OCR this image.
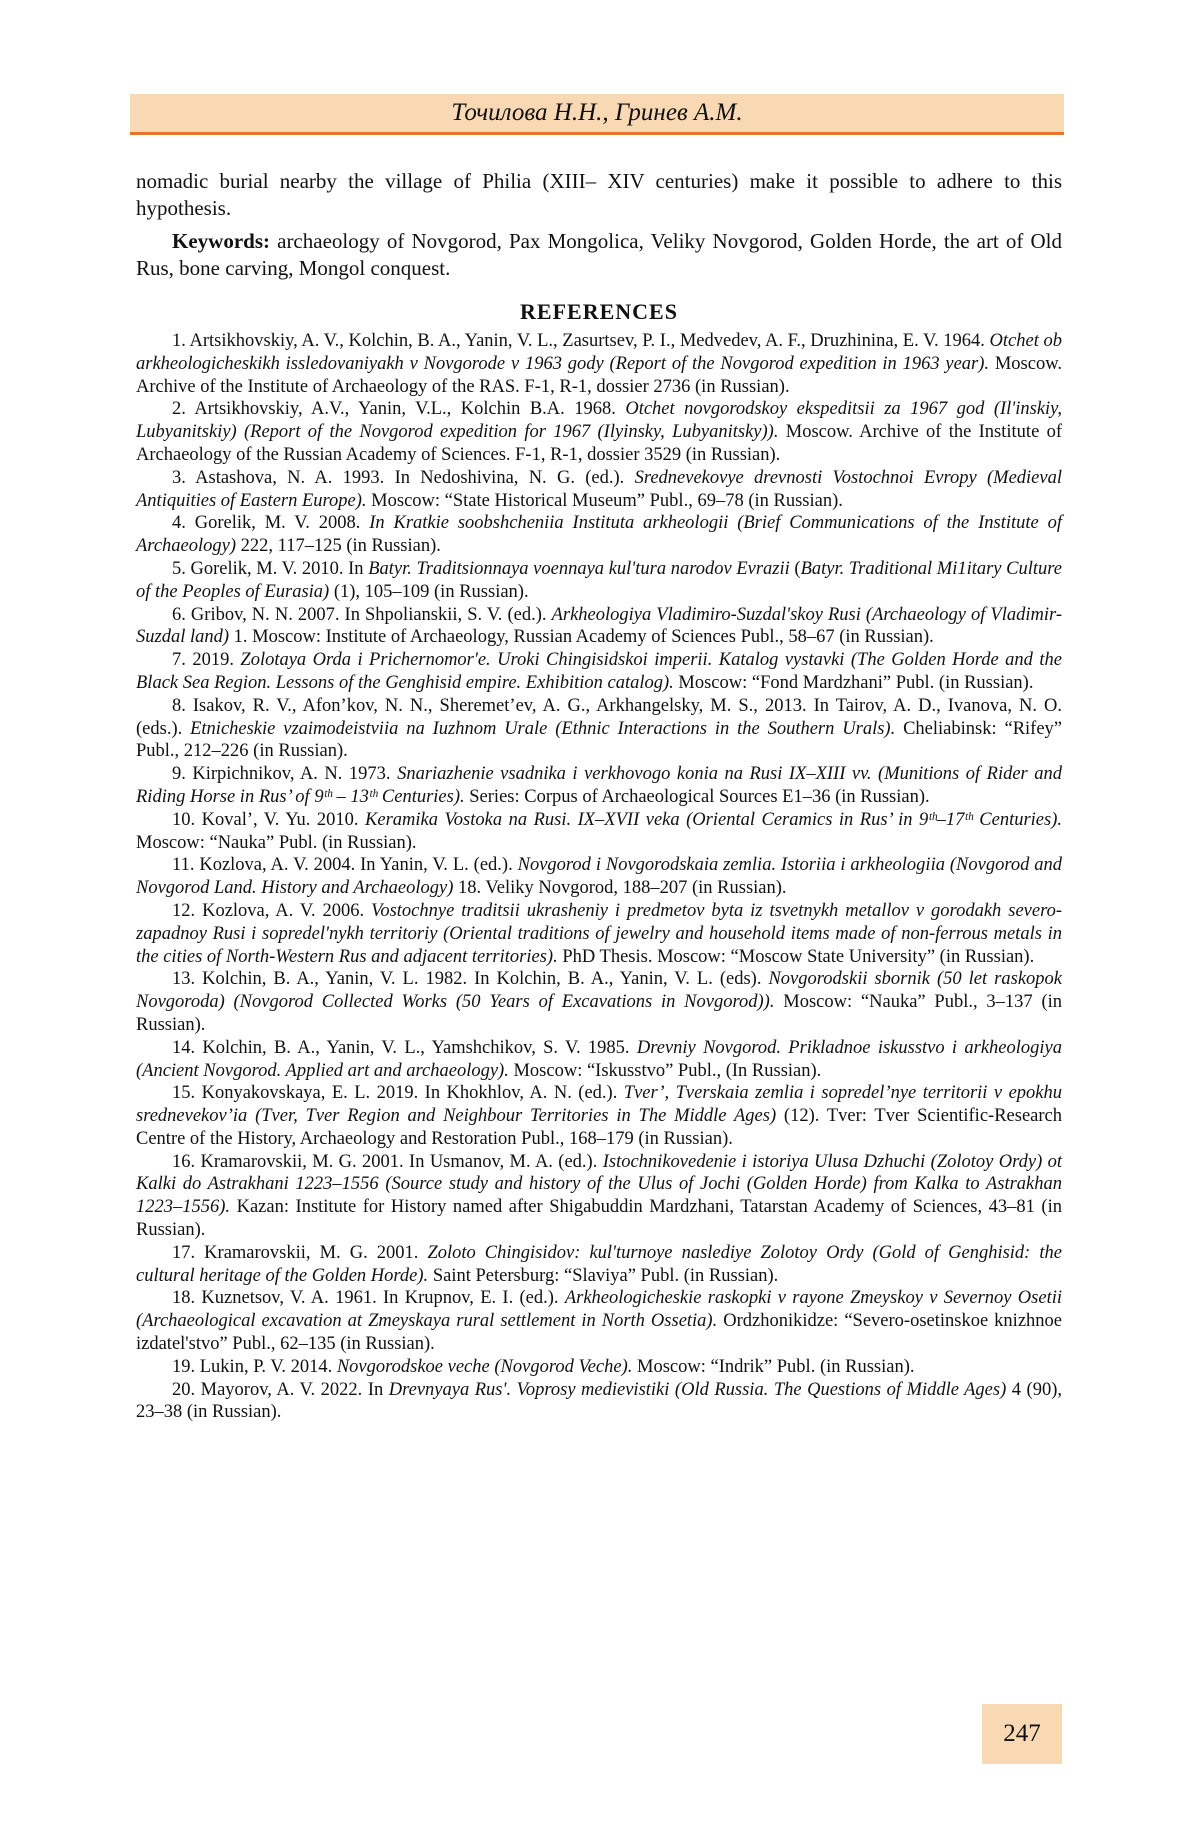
Точилова Н.Н., Гринев А.М.

nomadic burial nearby the village of Philia (XIII– XIV centuries) make it possible to adhere to this hypothesis.

Keywords: archaeology of Novgorod, Pax Mongolica, Veliky Novgorod, Golden Horde, the art of Old Rus, bone carving, Mongol conquest.

REFERENCES

1. Artsikhovskiy, A. V., Kolchin, B. A., Yanin, V. L., Zasurtsev, P. I., Medvedev, A. F., Druzhinina, E. V. 1964. Otchet ob arkheologicheskikh issledovaniyakh v Novgorode v 1963 gody (Report of the Novgorod expedition in 1963 year). Moscow. Archive of the Institute of Archaeology of the RAS. F-1, R-1, dossier 2736 (in Russian).

2. Artsikhovskiy, A.V., Yanin, V.L., Kolchin B.A. 1968. Otchet novgorodskoy ekspeditsii za 1967 god (Il'inskiy, Lubyanitskiy) (Report of the Novgorod expedition for 1967 (Ilyinsky, Lubyanitsky)). Moscow. Archive of the Institute of Archaeology of the Russian Academy of Sciences. F-1, R-1, dossier 3529 (in Russian).

3. Astashova, N. A. 1993. In Nedoshivina, N. G. (ed.). Srednevekovye drevnosti Vostochnoi Evropy (Medieval Antiquities of Eastern Europe). Moscow: “State Historical Museum” Publ., 69–78 (in Russian).

4. Gorelik, M. V. 2008. In Kratkie soobshcheniia Instituta arkheologii (Brief Communications of the Institute of Archaeology) 222, 117–125 (in Russian).

5. Gorelik, M. V. 2010. In Batyr. Traditsionnaya voennaya kul'tura narodov Evrazii (Batyr. Traditional Mi1itary Culture of the Peoples of Eurasia) (1), 105–109 (in Russian).

6. Gribov, N. N. 2007. In Shpolianskii, S. V. (ed.). Arkheologiya Vladimiro-Suzdal'skoy Rusi (Archaeology of Vladimir-Suzdal land) 1. Moscow: Institute of Archaeology, Russian Academy of Sciences Publ., 58–67 (in Russian).

7. 2019. Zolotaya Orda i Prichernomor'e. Uroki Chingisidskoi imperii. Katalog vystavki (The Golden Horde and the Black Sea Region. Lessons of the Genghisid empire. Exhibition catalog). Moscow: “Fond Mardzhani” Publ. (in Russian).

8. Isakov, R. V., Afon’kov, N. N., Sheremet’ev, A. G., Arkhangelsky, M. S., 2013. In Tairov, A. D., Ivanova, N. O. (eds.). Etnicheskie vzaimodeistviia na Iuzhnom Urale (Ethnic Interactions in the Southern Urals). Cheliabinsk: “Rifey” Publ., 212–226 (in Russian).

9. Kirpichnikov, A. N. 1973. Snariazhenie vsadnika i verkhovogo konia na Rusi IX–XIII vv. (Munitions of Rider and Riding Horse in Rus’ of 9ᵗʰ – 13ᵗʰ Centuries). Series: Corpus of Archaeological Sources E1–36 (in Russian).

10. Koval’, V. Yu. 2010. Keramika Vostoka na Rusi. IX–XVII veka (Oriental Ceramics in Rus’ in 9ᵗʰ–17ᵗʰ Centuries). Moscow: “Nauka” Publ. (in Russian).

11. Kozlova, A. V. 2004. In Yanin, V. L. (ed.). Novgorod i Novgorodskaia zemlia. Istoriia i arkheologiia (Novgorod and Novgorod Land. History and Archaeology) 18. Veliky Novgorod, 188–207 (in Russian).

12. Kozlova, A. V. 2006. Vostochnye traditsii ukrasheniy i predmetov byta iz tsvetnykh metallov v gorodakh severo-zapadnoy Rusi i sopredel'nykh territoriy (Oriental traditions of jewelry and household items made of non-ferrous metals in the cities of North-Western Rus and adjacent territories). PhD Thesis. Moscow: “Moscow State University” (in Russian).

13. Kolchin, B. A., Yanin, V. L. 1982. In Kolchin, B. A., Yanin, V. L. (eds). Novgorodskii sbornik (50 let raskopok Novgoroda) (Novgorod Collected Works (50 Years of Excavations in Novgorod)). Moscow: “Nauka” Publ., 3–137 (in Russian).

14. Kolchin, B. A., Yanin, V. L., Yamshchikov, S. V. 1985. Drevniy Novgorod. Prikladnoe iskusstvo i arkheologiya (Ancient Novgorod. Applied art and archaeology). Moscow: “Iskusstvo” Publ., (In Russian).

15. Konyakovskaya, E. L. 2019. In Khokhlov, A. N. (ed.). Tver’, Tverskaia zemlia i sopredel’nye territorii v epokhu srednevekov’ia (Tver, Tver Region and Neighbour Territories in The Middle Ages) (12). Tver: Tver Scientific-Research Centre of the History, Archaeology and Restoration Publ., 168–179 (in Russian).

16. Kramarovskii, M. G. 2001. In Usmanov, M. A. (ed.). Istochnikovedenie i istoriya Ulusa Dzhuchi (Zolotoy Ordy) ot Kalki do Astrakhani 1223–1556 (Source study and history of the Ulus of Jochi (Golden Horde) from Kalka to Astrakhan 1223–1556). Kazan: Institute for History named after Shigabuddin Mardzhani, Tatarstan Academy of Sciences, 43–81 (in Russian).

17. Kramarovskii, M. G. 2001. Zoloto Chingisidov: kul'turnoye naslediye Zolotoy Ordy (Gold of Genghisid: the cultural heritage of the Golden Horde). Saint Petersburg: “Slaviya” Publ. (in Russian).

18. Kuznetsov, V. A. 1961. In Krupnov, E. I. (ed.). Arkheologicheskie raskopki v rayone Zmeyskoy v Severnoy Osetii (Archaeological excavation at Zmeyskaya rural settlement in North Ossetia). Ordzhonikidze: “Severo-osetinskoe knizhnoe izdatel'stvo” Publ., 62–135 (in Russian).

19. Lukin, P. V. 2014. Novgorodskoe veche (Novgorod Veche). Moscow: “Indrik” Publ. (in Russian).

20. Mayorov, A. V. 2022. In Drevnyaya Rus'. Voprosy medievistiki (Old Russia. The Questions of Middle Ages) 4 (90), 23–38 (in Russian).

247
